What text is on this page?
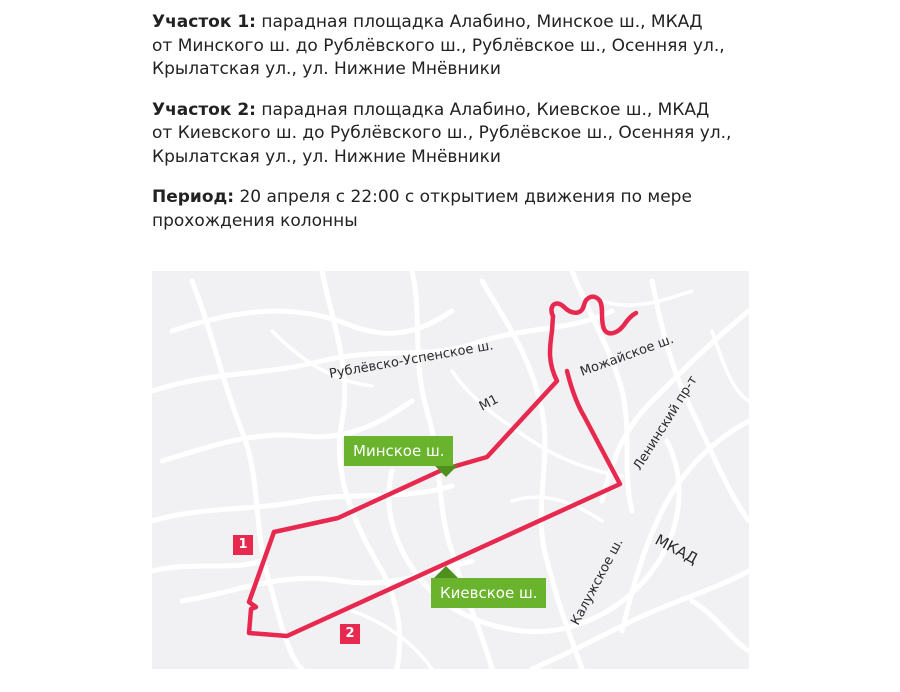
Участок 1: парадная площадка Алабино, Минское ш., МКАД
от Минского ш. до Рублёвского ш., Рублёвское ш., Осенняя ул.,
Крылатская ул., ул. Нижние Мнёвники

Участок 2: парадная площадка Алабино, Киевское ш., МКАД
от Киевского ш. до Рублёвского ш., Рублёвское ш., Осенняя ул.,
Крылатская ул., ул. Нижние Мнёвники

Период: 20 апреля с 22:00 с открытием движения по мере
прохождения колонны

Рублёвско-Успенское ш.
М1
Можайское ш.
Ленинский пр-т
МКАД
Калужское ш.
Минское ш.
Киевское ш.
1
2
